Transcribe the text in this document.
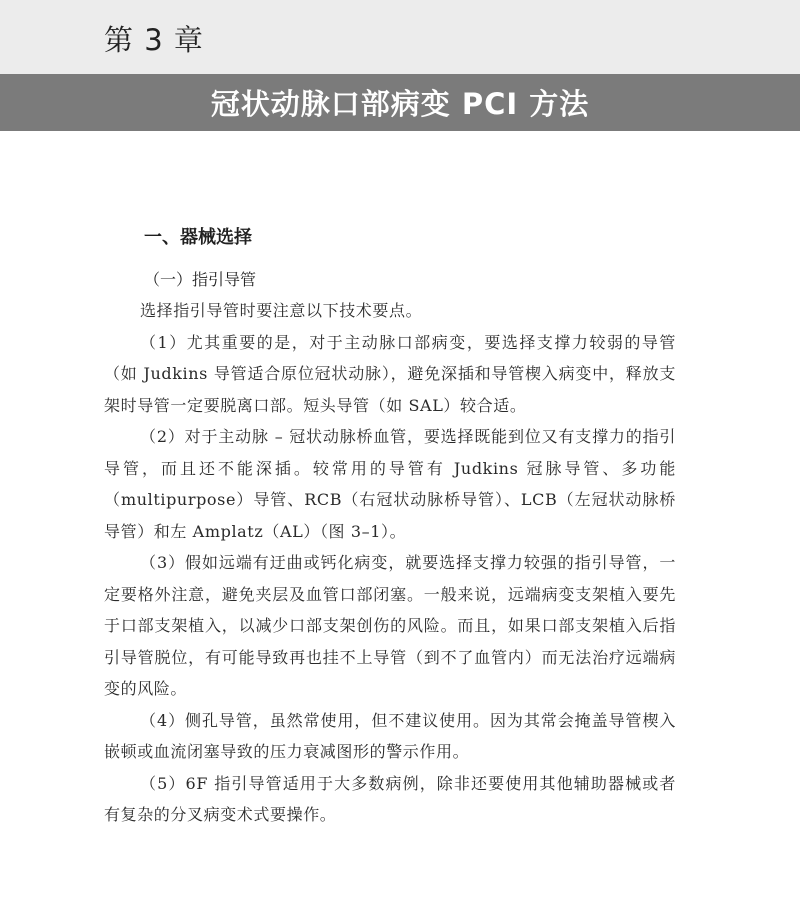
第 3 章
冠状动脉口部病变 PCI 方法
一、器械选择
（一）指引导管

选择指引导管时要注意以下技术要点。

（1）尤其重要的是，对于主动脉口部病变，要选择支撑力较弱的导管（如 Judkins 导管适合原位冠状动脉），避免深插和导管楔入病变中，释放支架时导管一定要脱离口部。短头导管（如 SAL）较合适。

（2）对于主动脉 – 冠状动脉桥血管，要选择既能到位又有支撑力的指引导管，而且还不能深插。较常用的导管有 Judkins 冠脉导管、多功能（multipurpose）导管、RCB（右冠状动脉桥导管）、LCB（左冠状动脉桥导管）和左 Amplatz（AL）（图 3–1）。

（3）假如远端有迂曲或钙化病变，就要选择支撑力较强的指引导管，一定要格外注意，避免夹层及血管口部闭塞。一般来说，远端病变支架植入要先于口部支架植入，以减少口部支架创伤的风险。而且，如果口部支架植入后指引导管脱位，有可能导致再也挂不上导管（到不了血管内）而无法治疗远端病变的风险。

（4）侧孔导管，虽然常使用，但不建议使用。因为其常会掩盖导管楔入嵌顿或血流闭塞导致的压力衰减图形的警示作用。

（5）6F 指引导管适用于大多数病例，除非还要使用其他辅助器械或者有复杂的分叉病变术式要操作。
